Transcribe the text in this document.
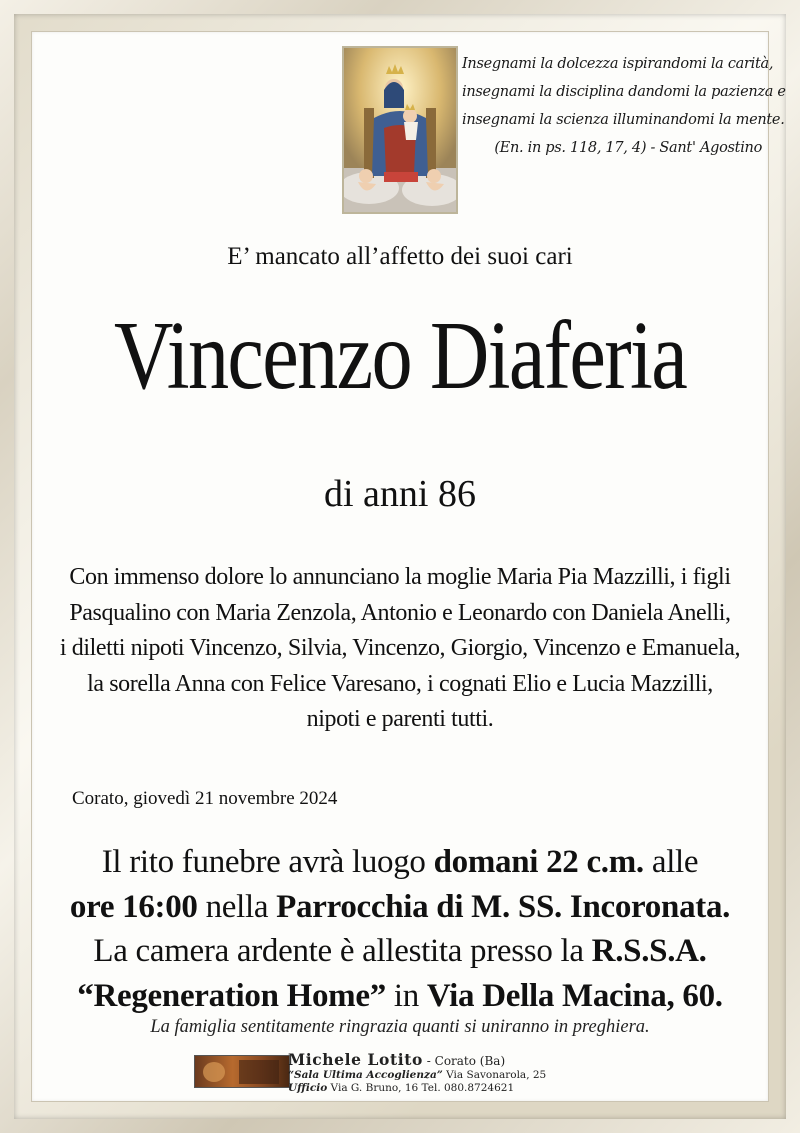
Insegnami la dolcezza ispirandomi la carità,
insegnami la disciplina dandomi la pazienza e
insegnami la scienza illuminandomi la mente.
(En. in ps. 118, 17, 4) - Sant' Agostino
E’ mancato all’affetto dei suoi cari
Vincenzo Diaferia
di anni 86
Con immenso dolore lo annunciano la moglie Maria Pia Mazzilli, i figli
Pasqualino con Maria Zenzola, Antonio e Leonardo con Daniela Anelli,
i diletti nipoti Vincenzo, Silvia, Vincenzo, Giorgio, Vincenzo e Emanuela,
la sorella Anna con Felice Varesano, i cognati Elio e Lucia Mazzilli,
nipoti e parenti tutti.
Corato, giovedì 21 novembre 2024
Il rito funebre avrà luogo domani 22 c.m. alle
ore 16:00 nella Parrocchia di M. SS. Incoronata.
La camera ardente è allestita presso la R.S.S.A.
“Regeneration Home” in Via Della Macina, 60.
La famiglia sentitamente ringrazia quanti si uniranno in preghiera.
Michele Lotito - Corato (Ba)
“Sala Ultima Accoglienza” Via Savonarola, 25
Ufficio Via G. Bruno, 16 Tel. 080.8724621
